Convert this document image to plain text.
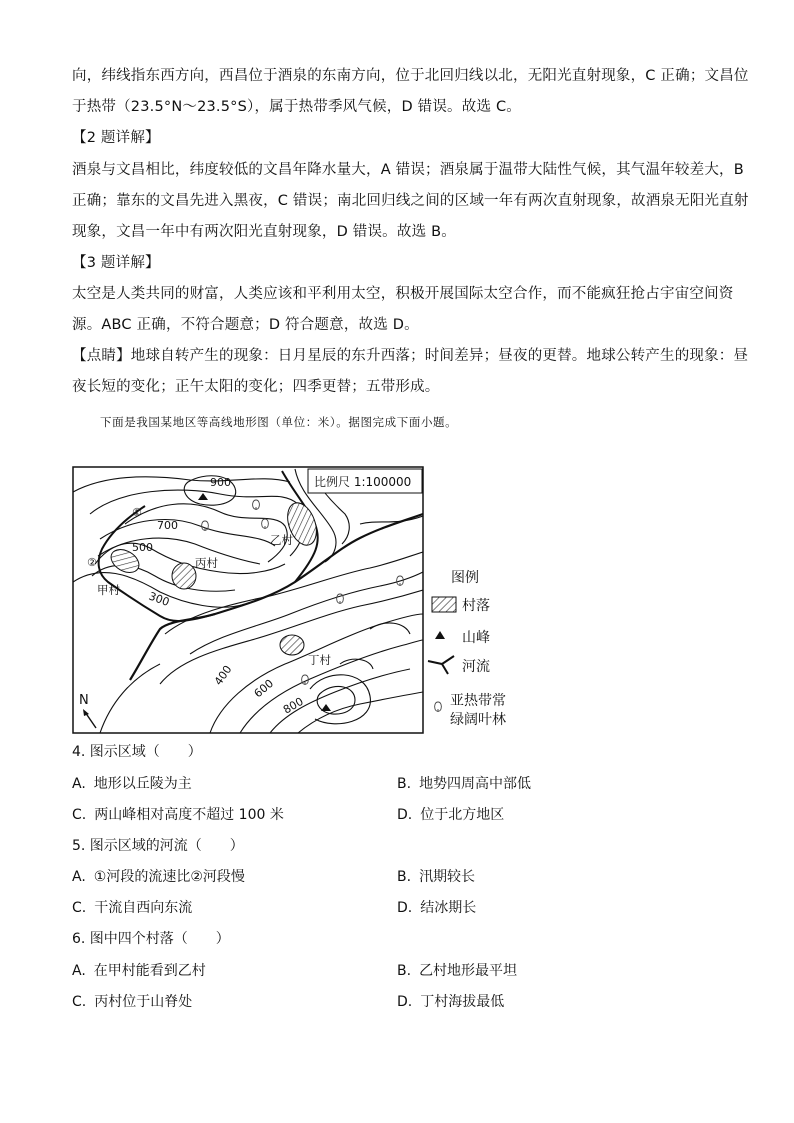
向，纬线指东西方向，西昌位于酒泉的东南方向，位于北回归线以北，无阳光直射现象，C 正确；文昌位
于热带（23.5°N～23.5°S），属于热带季风气候，D 错误。故选 C。
【2 题详解】
酒泉与文昌相比，纬度较低的文昌年降水量大，A 错误；酒泉属于温带大陆性气候，其气温年较差大，B
正确；靠东的文昌先进入黑夜，C 错误；南北回归线之间的区域一年有两次直射现象，故酒泉无阳光直射
现象，文昌一年中有两次阳光直射现象，D 错误。故选 B。
【3 题详解】
太空是人类共同的财富，人类应该和平利用太空，积极开展国际太空合作，而不能疯狂抢占宇宙空间资
源。ABC 正确，不符合题意；D 符合题意，故选 D。
【点睛】地球自转产生的现象：日月星辰的东升西落；时间差异；昼夜的更替。地球公转产生的现象：昼
夜长短的变化；正午太阳的变化；四季更替；五带形成。
下面是我国某地区等高线地形图（单位：米）。据图完成下面小题。
900
700
500
300
400
600
800
乙村
甲村
丙村
丁村
①
②
N
比例尺 1:100000
图例
村落
山峰
河流
亚热带常
绿阔叶林
4. 图示区域（　　）
A. 地形以丘陵为主	B. 地势四周高中部低
C. 两山峰相对高度不超过 100 米	D. 位于北方地区
5. 图示区域的河流（　　）
A. ①河段的流速比②河段慢	B. 汛期较长
C. 干流自西向东流	D. 结冰期长
6. 图中四个村落（　　）
A. 在甲村能看到乙村	B. 乙村地形最平坦
C. 丙村位于山脊处	D. 丁村海拔最低
